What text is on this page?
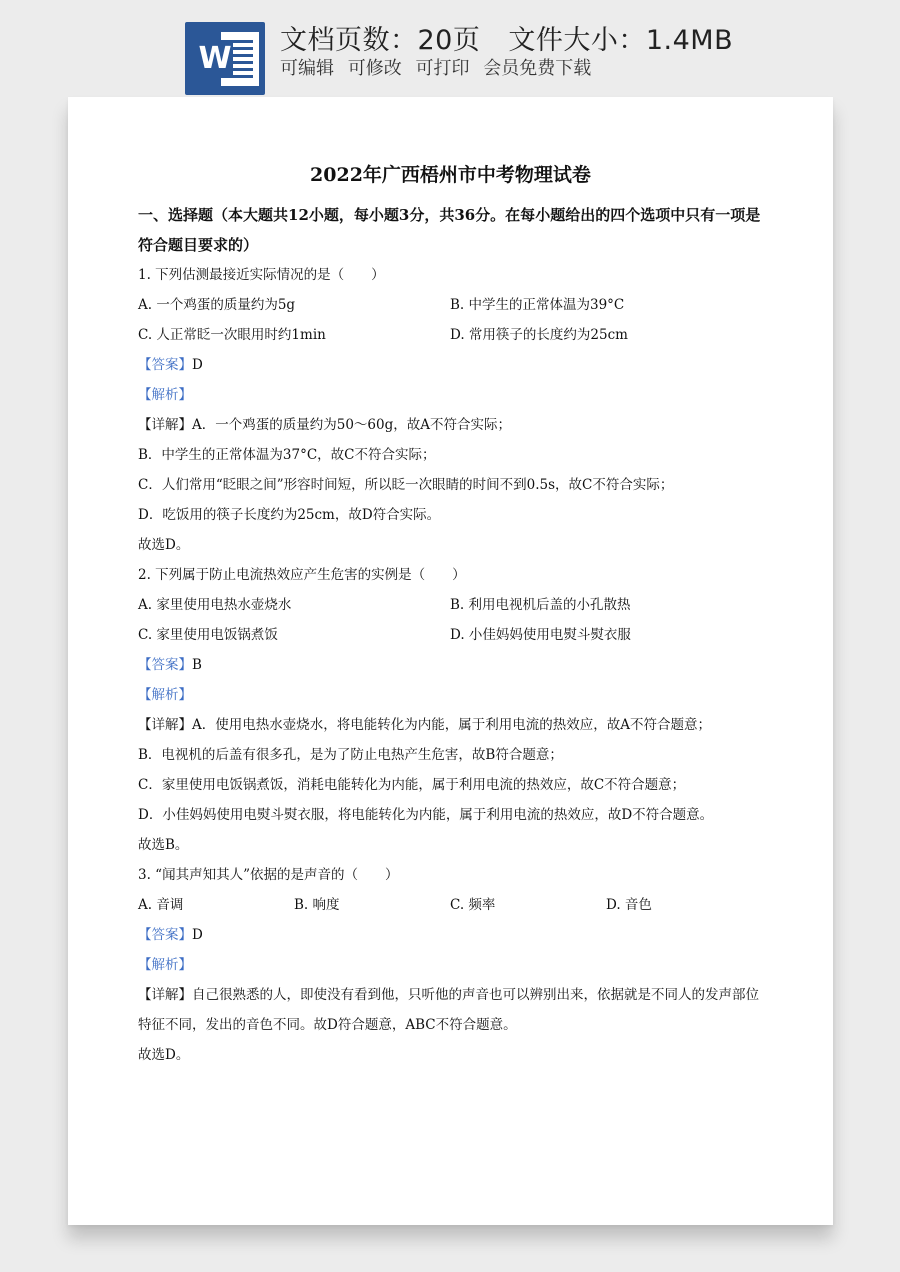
W
文档页数：20页 文件大小：1.4MB
可编辑 可修改 可打印 会员免费下载
2022年广西梧州市中考物理试卷
一、选择题（本大题共12小题，每小题3分，共36分。在每小题给出的四个选项中只有一项是符合题目要求的）
1. 下列估测最接近实际情况的是（　　）
A. 一个鸡蛋的质量约为5g	B. 中学生的正常体温为39°C
C. 人正常眨一次眼用时约1min	D. 常用筷子的长度约为25cm
【答案】D
【解析】
【详解】A．一个鸡蛋的质量约为50～60g，故A不符合实际；
B．中学生的正常体温为37°C，故C不符合实际；
C．人们常用“眨眼之间”形容时间短，所以眨一次眼睛的时间不到0.5s，故C不符合实际；
D．吃饭用的筷子长度约为25cm，故D符合实际。
故选D。
2. 下列属于防止电流热效应产生危害的实例是（　　）
A. 家里使用电热水壶烧水	B. 利用电视机后盖的小孔散热
C. 家里使用电饭锅煮饭	D. 小佳妈妈使用电熨斗熨衣服
【答案】B
【解析】
【详解】A．使用电热水壶烧水，将电能转化为内能，属于利用电流的热效应，故A不符合题意；
B．电视机的后盖有很多孔，是为了防止电热产生危害，故B符合题意；
C．家里使用电饭锅煮饭，消耗电能转化为内能，属于利用电流的热效应，故C不符合题意；
D．小佳妈妈使用电熨斗熨衣服，将电能转化为内能，属于利用电流的热效应，故D不符合题意。
故选B。
3. “闻其声知其人”依据的是声音的（　　）
A. 音调	B. 响度	C. 频率	D. 音色
【答案】D
【解析】
【详解】自己很熟悉的人，即使没有看到他，只听他的声音也可以辨别出来，依据就是不同人的发声部位特征不同，发出的音色不同。故D符合题意，ABC不符合题意。
故选D。
